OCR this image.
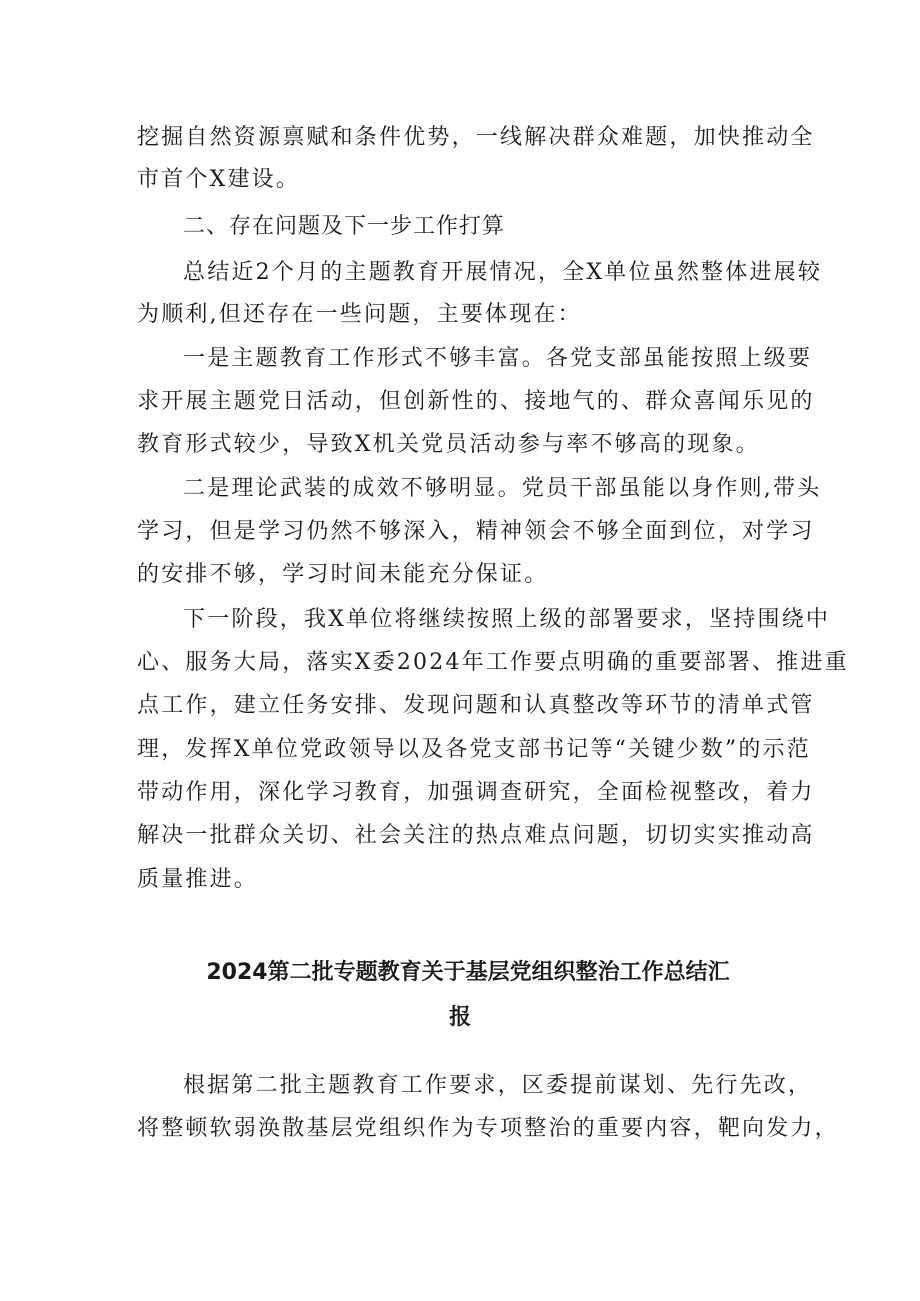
挖掘自然资源禀赋和条件优势，一线解决群众难题，加快推动全
市首个X建设。
二、存在问题及下一步工作打算
总结近2个月的主题教育开展情况，全X单位虽然整体进展较
为顺利,但还存在一些问题，主要体现在：
一是主题教育工作形式不够丰富。各党支部虽能按照上级要
求开展主题党日活动，但创新性的、接地气的、群众喜闻乐见的
教育形式较少，导致X机关党员活动参与率不够高的现象。
二是理论武装的成效不够明显。党员干部虽能以身作则,带头
学习，但是学习仍然不够深入，精神领会不够全面到位，对学习
的安排不够，学习时间未能充分保证。
下一阶段，我X单位将继续按照上级的部署要求，坚持围绕中
心、服务大局，落实X委2024年工作要点明确的重要部署、推进重
点工作，建立任务安排、发现问题和认真整改等环节的清单式管
理，发挥X单位党政领导以及各党支部书记等“关键少数”的示范
带动作用，深化学习教育，加强调查研究，全面检视整改，着力
解决一批群众关切、社会关注的热点难点问题，切切实实推动高
质量推进。
2024第二批专题教育关于基层党组织整治工作总结汇
报
根据第二批主题教育工作要求，区委提前谋划、先行先改，
将整顿软弱涣散基层党组织作为专项整治的重要内容，靶向发力，
